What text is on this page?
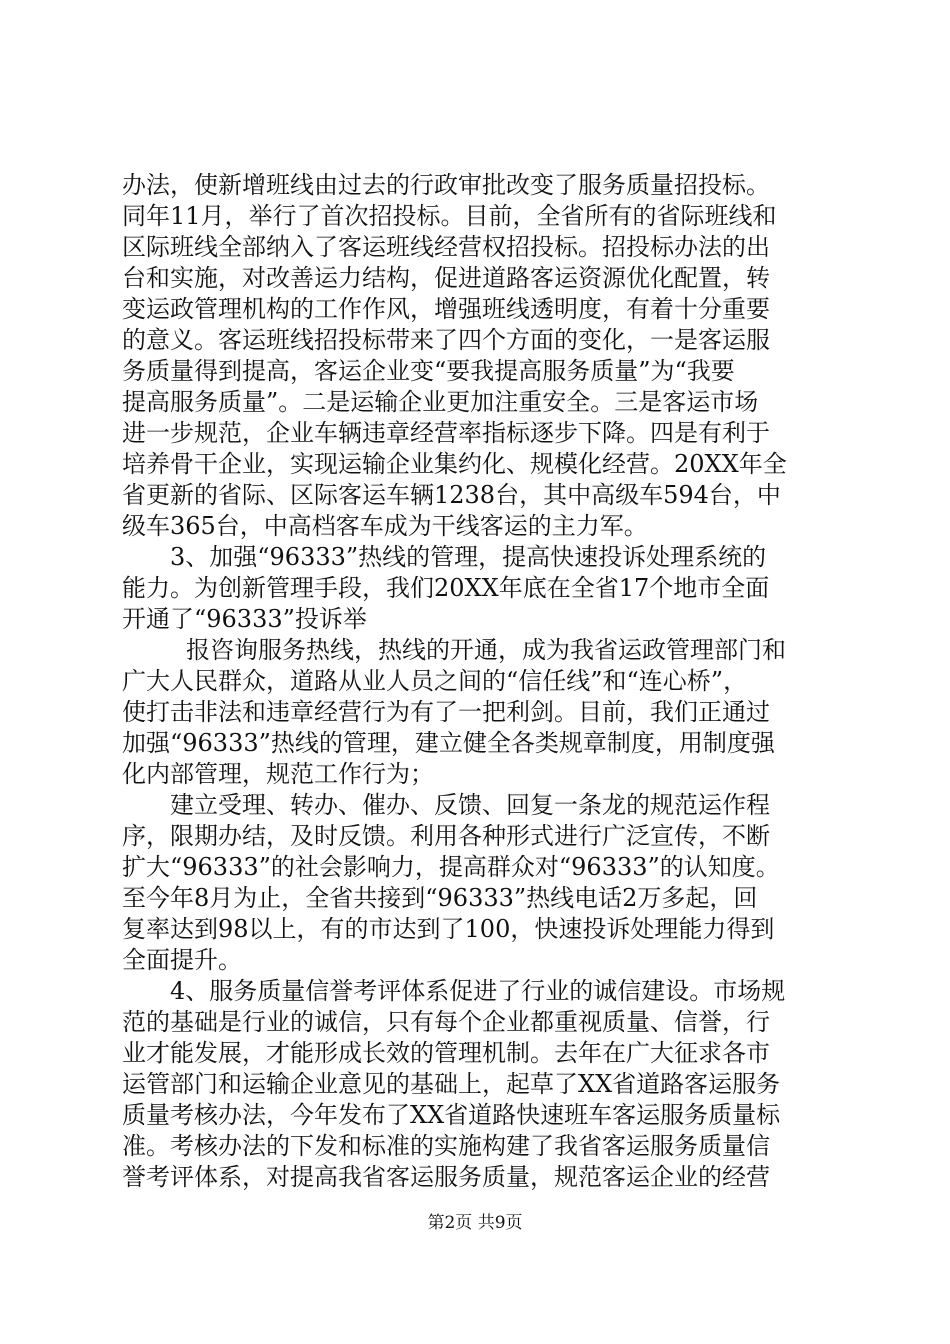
办法，使新增班线由过去的行政审批改变了服务质量招投标。
同年11月，举行了首次招投标。目前，全省所有的省际班线和
区际班线全部纳入了客运班线经营权招投标。招投标办法的出
台和实施，对改善运力结构，促进道路客运资源优化配置，转
变运政管理机构的工作作风，增强班线透明度，有着十分重要
的意义。客运班线招投标带来了四个方面的变化，一是客运服
务质量得到提高，客运企业变“要我提高服务质量”为“我要
提高服务质量”。二是运输企业更加注重安全。三是客运市场
进一步规范，企业车辆违章经营率指标逐步下降。四是有利于
培养骨干企业，实现运输企业集约化、规模化经营。20XX年全
省更新的省际、区际客运车辆1238台，其中高级车594台，中
级车365台，中高档客车成为干线客运的主力军。
3、加强“96333”热线的管理，提高快速投诉处理系统的
能力。为创新管理手段，我们20XX年底在全省17个地市全面
开通了“96333”投诉举
报咨询服务热线，热线的开通，成为我省运政管理部门和
广大人民群众，道路从业人员之间的“信任线”和“连心桥”，
使打击非法和违章经营行为有了一把利剑。目前，我们正通过
加强“96333”热线的管理，建立健全各类规章制度，用制度强
化内部管理，规范工作行为；
建立受理、转办、催办、反馈、回复一条龙的规范运作程
序，限期办结，及时反馈。利用各种形式进行广泛宣传，不断
扩大“96333”的社会影响力，提高群众对“96333”的认知度。
至今年8月为止，全省共接到“96333”热线电话2万多起，回
复率达到98以上，有的市达到了100，快速投诉处理能力得到
全面提升。
4、服务质量信誉考评体系促进了行业的诚信建设。市场规
范的基础是行业的诚信，只有每个企业都重视质量、信誉，行
业才能发展，才能形成长效的管理机制。去年在广大征求各市
运管部门和运输企业意见的基础上，起草了XX省道路客运服务
质量考核办法，今年发布了XX省道路快速班车客运服务质量标
准。考核办法的下发和标准的实施构建了我省客运服务质量信
誉考评体系，对提高我省客运服务质量，规范客运企业的经营
第2页 共9页
